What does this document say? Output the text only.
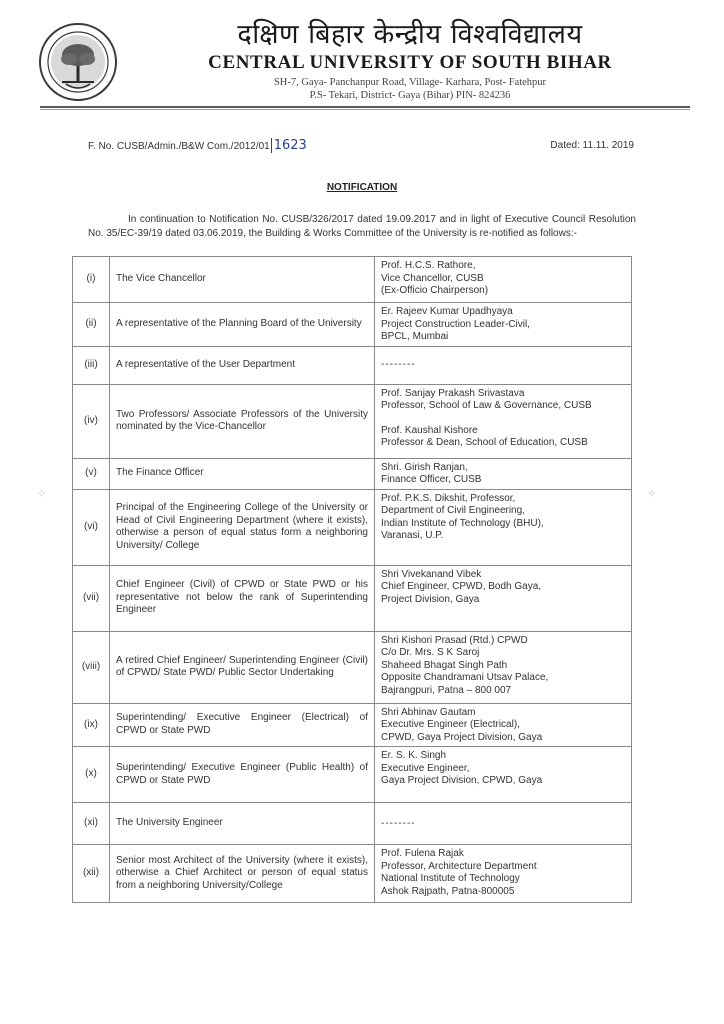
दक्षिण बिहार केन्द्रीय विश्वविद्यालय
CENTRAL UNIVERSITY OF SOUTH BIHAR
SH-7, Gaya- Panchanpur Road, Village- Karhara, Post- Fatehpur
P.S- Tekari, District- Gaya (Bihar) PIN- 824236
F. No. CUSB/Admin./B&W Com./2012/01 1623	Dated: 11.11. 2019
NOTIFICATION
In continuation to Notification No. CUSB/326/2017 dated 19.09.2017 and in light of Executive Council Resolution No. 35/EC-39/19 dated 03.06.2019, the Building & Works Committee of the University is re-notified as follows:-
(i)	The Vice Chancellor	Prof. H.C.S. Rathore,
Vice Chancellor, CUSB
(Ex-Officio Chairperson)

(ii)	A representative of the Planning Board of the University	Er. Rajeev Kumar Upadhyaya
Project Construction Leader-Civil,
BPCL, Mumbai

(iii)	A representative of the User Department	--------

(iv)	Two Professors/ Associate Professors of the University nominated by the Vice-Chancellor	Prof. Sanjay Prakash Srivastava
Professor, School of Law & Governance, CUSB
Prof. Kaushal Kishore
Professor & Dean, School of Education, CUSB

(v)	The Finance Officer	Shri. Girish Ranjan,
Finance Officer, CUSB

(vi)	Principal of the Engineering College of the University or Head of Civil Engineering Department (where it exists), otherwise a person of equal status form a neighboring University/ College	Prof. P.K.S. Dikshit, Professor,
Department of Civil Engineering,
Indian Institute of Technology (BHU),
Varanasi, U.P.

(vii)	Chief Engineer (Civil) of CPWD or State PWD or his representative not below the rank of Superintending Engineer	Shri Vivekanand Vibek
Chief Engineer, CPWD, Bodh Gaya,
Project Division, Gaya

(viii)	A retired Chief Engineer/ Superintending Engineer (Civil) of CPWD/ State PWD/ Public Sector Undertaking	Shri Kishori Prasad (Rtd.) CPWD
C/o Dr. Mrs. S K Saroj
Shaheed Bhagat Singh Path
Opposite Chandramani Utsav Palace,
Bajrangpuri, Patna – 800 007

(ix)	Superintending/ Executive Engineer (Electrical) of CPWD or State PWD	Shri Abhinav Gautam
Executive Engineer (Electrical),
CPWD, Gaya Project Division, Gaya

(x)	Superintending/ Executive Engineer (Public Health) of CPWD or State PWD	Er. S. K. Singh
Executive Engineer,
Gaya Project Division, CPWD, Gaya

(xi)	The University Engineer	--------

(xii)	Senior most Architect of the University (where it exists), otherwise a Chief Architect or person of equal status from a neighboring University/College	Prof. Fulena Rajak
Professor, Architecture Department
National Institute of Technology
Ashok Rajpath, Patna-800005
⊹	⊹
